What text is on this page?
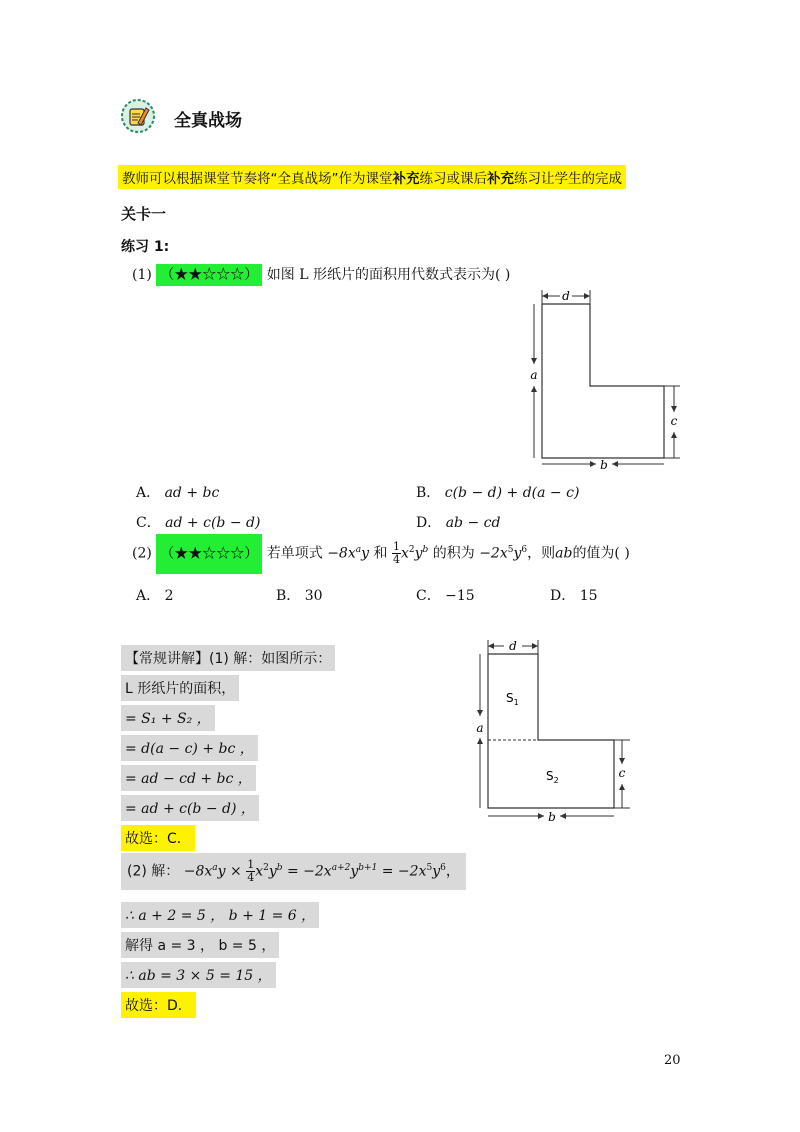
全真战场
教师可以根据课堂节奏将“全真战场”作为课堂补充练习或课后补充练习让学生的完成
关卡一
练习 1:
(1) （★★☆☆☆） 如图 L 形纸片的面积用代数式表示为( )
d
a
c
b
A． ad + bc	B． c(b − d) + d(a − c)
C． ad + c(b − d)	D． ab − cd
(2) （★★☆☆☆） 若单项式 $-8x^ay$ 和 $\frac{1}{4} x^2y^b$ 的积为 $-2x^5y^6$，则ab的值为( )
A． 2	B． 30	C． −15	D． 15
【常规讲解】(1) 解：如图所示：
L 形纸片的面积，
= S₁ + S₂ ，
= d(a − c) + bc ，
= ad − cd + bc ，
= ad + c(b − d) ，
故选：C．
(2) 解： $-8x^ay \times \frac{1}{4} x^2y^b = -2x^{a+2}y^{b+1} = -2x^5y^6$，
∴ a + 2 = 5 ， b + 1 = 6 ，
解得 a = 3 ， b = 5 ，
∴ ab = 3 × 5 = 15 ，
故选：D．
d
a
$S_1$
$S_2$
c
b
20
